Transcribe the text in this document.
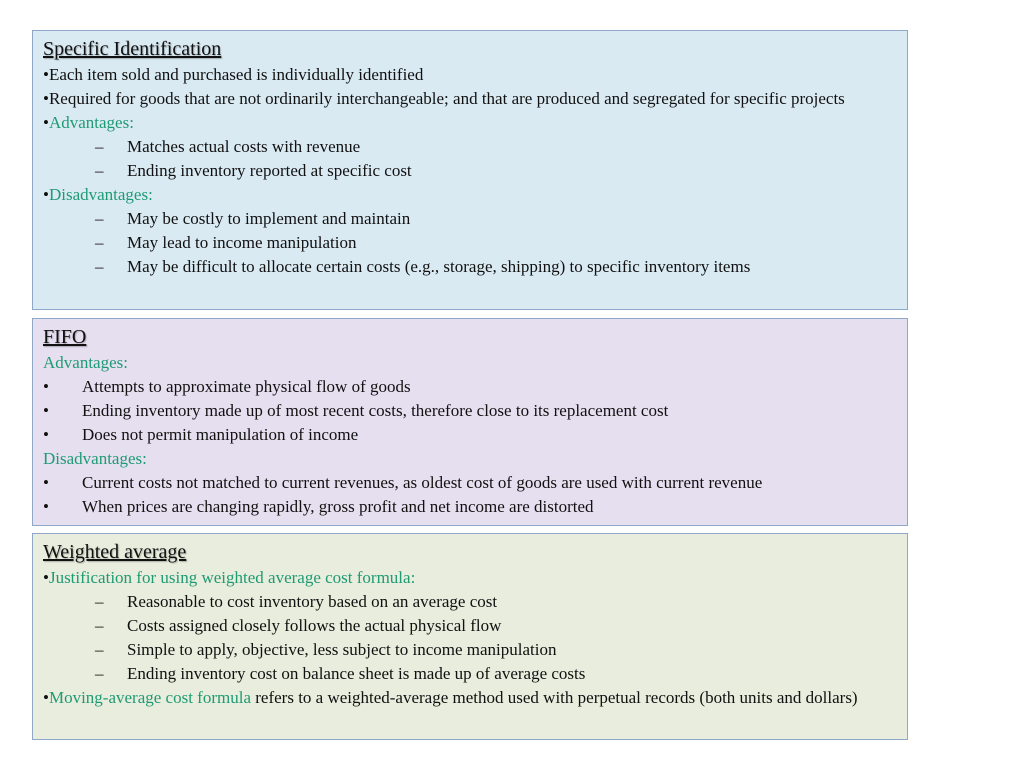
Specific Identification
•Each item sold and purchased is individually identified
•Required for goods that are not ordinarily interchangeable; and that are produced and segregated for specific projects
•Advantages:
–	Matches actual costs with revenue
–	Ending inventory reported at specific cost
•Disadvantages:
–	May be costly to implement and maintain
–	May lead to income manipulation
–	May be difficult to allocate certain costs (e.g., storage, shipping) to specific inventory items
FIFO
Advantages:
•	Attempts to approximate physical flow of goods
•	Ending inventory made up of most recent costs, therefore close to its replacement cost
•	Does not permit manipulation of income
Disadvantages:
•	Current costs not matched to current revenues, as oldest cost of goods are used with current revenue
•	When prices are changing rapidly, gross profit and net income are distorted
Weighted average
•Justification for using weighted average cost formula:
–	Reasonable to cost inventory based on an average cost
–	Costs assigned closely follows the actual physical flow
–	Simple to apply, objective, less subject to income manipulation
–	Ending inventory cost on balance sheet is made up of average costs
•Moving-average cost formula refers to a weighted-average method used with perpetual records (both units and dollars)
